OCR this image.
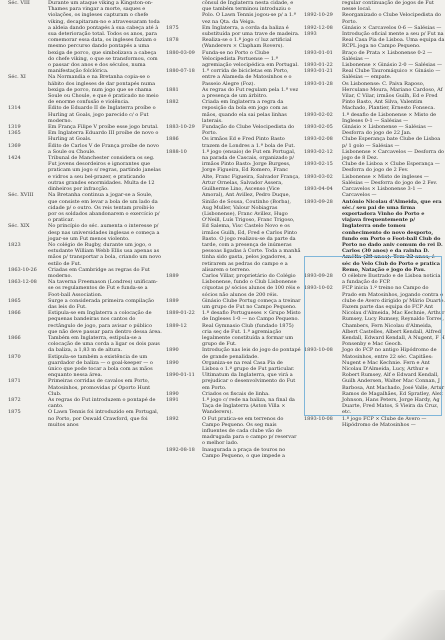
Séc. VIII	Durante um ataque viking a Kingston-on-Thames para vingar a morte, saques e violações, os ingleses capturam o chefe viking, decapitaram-no e atravessaram toda a aldeia dando pontapés à sua cabeça até à sua deterioração total. Todos os anos, para comemorar essa data, os ingleses faziam o mesmo percurso dando pontapés a uma bexiga de porco, que simbolizava a cabeça do chefe viking, o que se transformou, com o passar dos anos e dos séculos, numa manifestação folclórica.
Séc. XI	Na Normandia e na Bretanha copia-se o hábito dos ingleses de dar pontapés numa bexiga de porco, num jogo que se chama Soule ou Choule, e que é praticado no meio de enorme confusão e violência.
1314	Édito de Eduardo II de Inglaterra proíbe o Hurling at Goals, jogo parecido c/ o Fut moderno.
1319	Em França Filipe V proíbe esse jogo brutal.
1365	Em Inglaterra Eduardo III proíbe de novo o Hurling at Goals.
1369	Édito de Carlos V de França proíbe de novo a Soule ou Choule.
1424	Tribunal de Manchester considera os seg. Fut jovens desordeiros e ignorantes que praticam um jogo s/ regras, partindo janelas e vidros a seu bel-prazer, e praticando outras grandes enormidades. Multa de 12 dinheiros por infracção.
Séc. XVIII	Na Bretanha continua a jogar-se a Soule, que consiste em levar a bola de um lado da cidade p/ o outro. Os reis tentam proibi-lo por os soldados abandonarem o exercício p/ o praticar.
Séc. XIX	No princípio do séc. aumenta o interesse p/ desp nas universidades inglesas e começa a jogar-se um Fut menos violento.
1823	No colégio de Rugby, durante um jogo, o estudante William Webb Ellis usa apenas as mãos p/ transportar a bola, criando um novo estilo de Fut.
1863-10-26 Criadas em Cambridge as regras do Fut moderno.
1863-12-08 Na taverna Freemason (Londres) unificam-se os regulamentos de Fut e funda-se a Foot-ball Association.
1865	Surge a considerada primeira compilação das leis do Fut.
1866	Estipula-se em Inglaterra a colocação de pequenas bandeiras nos cantos do rectângulo de jogo, para avisar o público que não deve passar para dentro dessa área.
1866	Também em Inglaterra, estipula-se a colocação de uma corda a ligar os dois paus da baliza, a 1,83 m de altura.
1870	Estipula-se também a existência de um guardador de baliza — o goal-keeper — o único que pode tocar a bola com as mãos enquanto nessa área.
1871	Primeiras corridas de cavalos em Porto, Matosinhos, promovidas p/ Oporto Hunt Club.
1872	As regras do Fut introduzem o pontapé de canto.
1875	O Lawn Tennis foi introduzido em Portugal, no Porto, por Oswald Crawford, que foi muitos anos
cônsul de Inglaterra nesta cidade, e que também terminou introduziu o Polo. O Lawn Tennis jogou-se p/ a 1.ª vez na Qta. da Veiga.
1875	Em Inglaterra, a corda da baliza é substituída por uma trave de madeira.
1878	Realiza-se o 1.º jogo c/ luz artificial (Wanderers × Clapham Rovers).
1880-03-09 Funda-se no Porto o Clube Velocipedista Portuense — 1.ª agremiação velocipédica em Portugal.
1880-07-18 1.ª corrida de bicicletas em Porto, entre a Alameda de Matosinhos e o Passeio Alegre (Foz).
1881	As regras do Fut regulam pela 1.ª vez a presença de um árbitro.
1882	Criada em Inglaterra a regra da reposição da bola em jogo com as mãos, quando ela sai pelas linhas laterais.
1883-10-29 Fundação do Clube Velocipedista do Porto.
1886	Os irmãos Ed e Fred Pinto Basto trazem de Londres a 1.ª bola de Fut.
1888-10	1.º jogo (ensaio) de Fut em Portugal, na parada de Cascais, organizado p/ irmãos Pinto Basto: Jorge Burgess, Jorge Figueira, Ed Romero, Franc Alte, Franc Figueira, Salvador França, Artur Ornelas, Salvador Assera, Guilherme Lino, Ascenso (Vice Amoral), Ant Avillez, Pedro Duque, Sinião de Sousa, Coutinho (Borba), Aug Muller, Valour Nobiagras (Lisbonense), Franc Avillez, Hugo O'Neill, Luís Trigoso, Franc Trigoso, Ed Salema, Visc Castelo Novo e os irmãos Guilh, Ed, Fred e Carlos Pinto Basto. O jogo realizou-se da parte da tarde, com a presença de inúmeras pessoas ligadas à Corte. Toda a manhã tinha sido gasta, pelos jogadores, a retirarem as pedras do campo e a alisarem o terreno.
1889	Carlos Villar, proprietário do Colégio Lisbonense, fundo o Club Lisbonense c/quotas p/ sócios alunos de 100 réis e sócios não alunos de 200 réis.
1889	Ginásio Clube Portug começa a treinar um grupo de Fut no Campo Pequeno.
1889-01-22 1.º desafio Portugueses × Grupo Misto de Ingleses 1-0 — no Campo Pequeno.
1889-12	Real Gymnasio Club (fundado 1875) cria seç de Fut. 1.ª agremiação legalmente constituída a formar um grupo de Fut.
1890	Introdução nas leis do jogo do pontapé de grande penalidade.
1890	Organiza-se na real Casa Pia de Lisboa o 1.º grupo de Fut particular.
1890-01-11 Ultimatum da Inglaterra, que virá a prejudicar o desenvolvimento do Fut em Porto.
1890	Criados os fiscais de linha.
1891	1.º jogo c/ rede na baliza, na final da Taça de Inglaterra (Aston Villa × Wanderers).
1892	O Fut pratica-se em terrenos do Campo Pequeno. Os seg mais influentes de cada clube vão de madrugada para o campo p/ reservar o melhor lado.
1892-08-18 Inaugurada a praça de touros no Campo Pequeno, o que impede a
regular continuação de jogos de Fut nesse local.
1892-10-29 Reorganizado o Clube Velocipedista do Porto.
1892-12-08 Ginásio × Carcavelos 0-6 — Salésias —
1893	Introdução oficial mente a seu p/ Fut na Real Casa Pia de Lisboa. Uma equipa da RCPL joga no Campo Pequeno.
1893-01-01 Braço de Prata × Lisbonense 0-2 — Salésias —
1893-01-22 Lisbonense × Ginásio 2-0 — Salésias —
1893-01-21 Real Clube Tauromáquico × Ginásio — Salésias — empate.
1893-01-28 Os Lisbonense: C. Paiva Raposo, Herculano Moura, Mariano Cardoso, Af Vilar, C Vilar, irmãos Guilh, Ed e Fred Pinto Basto, Ant Silva, Valentim Machado, Plantier, Ernesto Fonseca.
1893-02-02 1.º desafio de Lisbonense × Misto de Ingleses 0-1 — Salésias —
1893-02-05 Ginásio × Lisbonense — Salésias — Desforra do jogo de 22 Jan.
1893-02-08 Clube Esperança bate Clube de Lisboa p/ 1 golo — Salésias —
1893-02-12 Lisbonense × Carcavelos — Desforra do jogo de 8 Dez.
1893-02-15 Clube de Lisboa × Clube Esperança — Desforra do jogo de 2 Fev.
1893-03-02 Lisbonense × Misto de ingleses — Salésias — Desforra do jogo de 2 Fev.
1893-04-04 Carcavelos × Lisbonense 3-1 — Carcavelos —
1893-09-28 António Nicolau d'Almeida, que era séc./ seu pai de uma firma exportadora Vinho do Porto e viajava frequentemente p/ Inglaterra onde tomou conhecimento do novo desporto, fundo em Porto o Foot-ball Club do Porto no dado aniv comum do rei D. Carlos (30 anos) e da rainha D. Amélia (28 anos). Tem 22 anos, é séc do Velo Club do Porto e pratica Remo, Natação e jogo do Pau.
1893-09-28 O célebre Ilustrado e de Lisboa noticia a fundação do FCP.
1893-10-02 FCP inicia 1.º treino no Campo do Prado em Matosinhos, jogando contra o clube de Avero dirigido p/ Mário Duarte. Fazem parte das equipa do FCP Ant Nicolau d'Almeida, Mac Kechnie, Arthur Rumsey, Lucy Rumsey, Reynaldo Torres, Chambers, Fern Nicolau d'Almeida, Albert Castelles, Albert Kendall, Alfred Kendall, Edward Kendall, A Nugent, F H Ponsenby e Mac Geoch.
1893-10-08 Jogo do FCP no antigo Hipódromo de Matosinhos, entre 22 séc. Capitães: Nugent e Mac Kechnie. Fern e Ant Nicolau D'Almeida, Lucy, Arthur e Robert Rumsey, Alf e Edward Kendall, Guilh Andersen, Walter Mac Connan, J Barbosa, Ant Machado, José Valle, Artur Ramos de Magalhães, Ed Spratley, Alex Johnson, Hans Peters, Jorge Hardy, Ag Duarte, Fred Matos, S Vieira da Cruz, etc.
1893-10-08 1.º jogo FCP × Clube de Avero — Hipódromo de Matosinhos —
